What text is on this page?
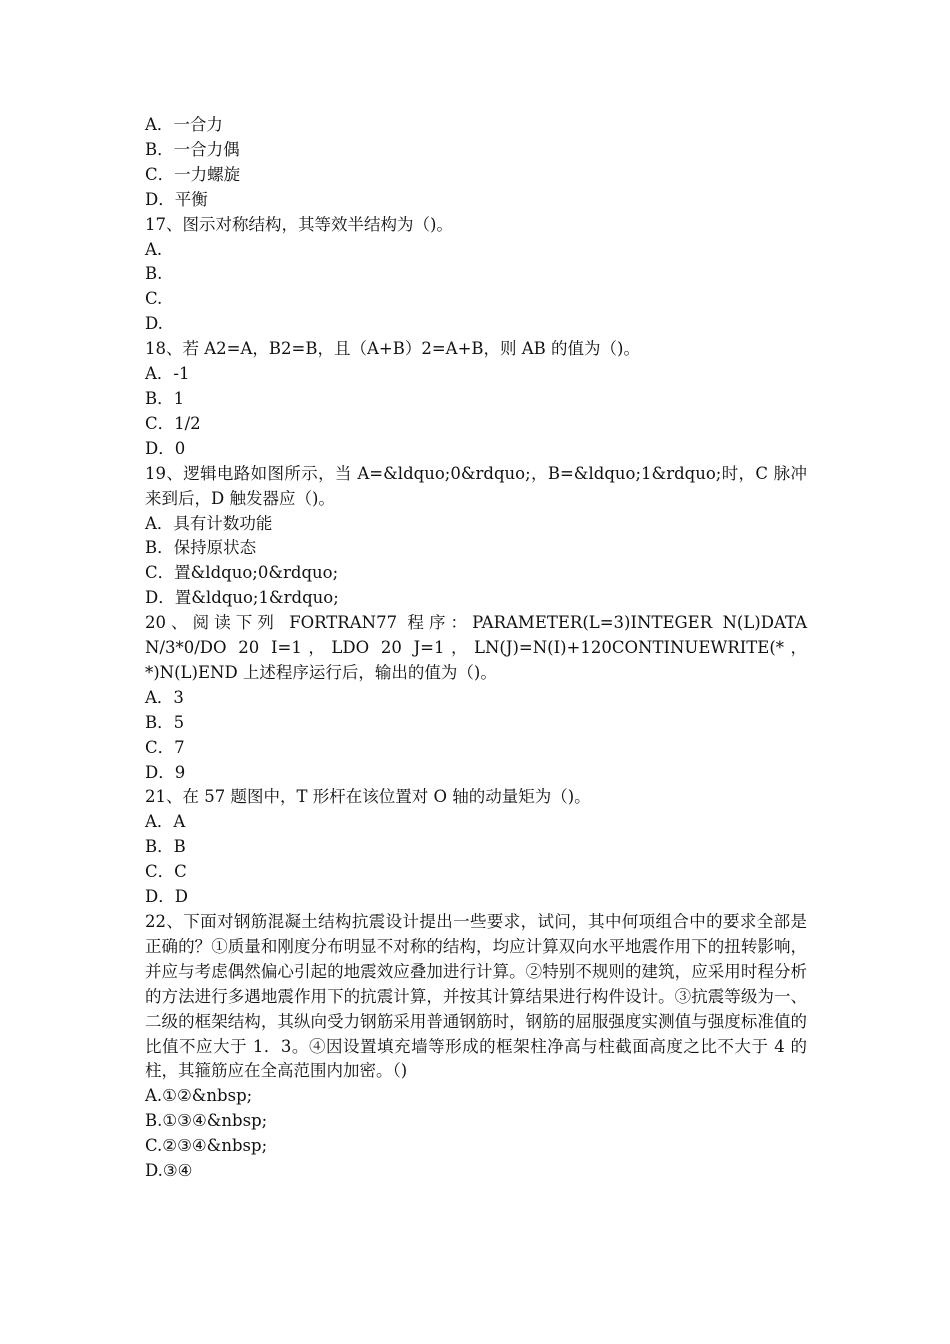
A．一合力
B．一合力偶
C．一力螺旋
D．平衡
17、图示对称结构，其等效半结构为（)。
A.
B.
C.
D.
18、若 A2=A，B2=B，且（A+B）2=A+B，则 AB 的值为（)。
A．-1
B．1
C．1/2
D．0
19、逻辑电路如图所示，当 A=&ldquo;0&rdquo;，B=&ldquo;1&rdquo;时，C 脉冲来到后，D 触发器应（)。
A．具有计数功能
B．保持原状态
C．置&ldquo;0&rdquo;
D．置&ldquo;1&rdquo;
20、阅读下列 FORTRAN77 程序：PARAMETER(L=3)INTEGER N(L)DATA N/3*0/DO 20 I=1，LDO 20 J=1，LN(J)=N(I)+120CONTINUEWRITE(*，*)N(L)END 上述程序运行后，输出的值为（)。
A．3
B．5
C．7
D．9
21、在 57 题图中，T 形杆在该位置对 O 轴的动量矩为（)。
A．A
B．B
C．C
D．D
22、下面对钢筋混凝土结构抗震设计提出一些要求，试问，其中何项组合中的要求全部是正确的？①质量和刚度分布明显不对称的结构，均应计算双向水平地震作用下的扭转影响，并应与考虑偶然偏心引起的地震效应叠加进行计算。②特别不规则的建筑，应采用时程分析的方法进行多遇地震作用下的抗震计算，并按其计算结果进行构件设计。③抗震等级为一、二级的框架结构，其纵向受力钢筋采用普通钢筋时，钢筋的屈服强度实测值与强度标准值的比值不应大于 1．3。④因设置填充墙等形成的框架柱净高与柱截面高度之比不大于 4 的柱，其箍筋应在全高范围内加密。（)
A.①②&nbsp;
B.①③④&nbsp;
C.②③④&nbsp;
D.③④
